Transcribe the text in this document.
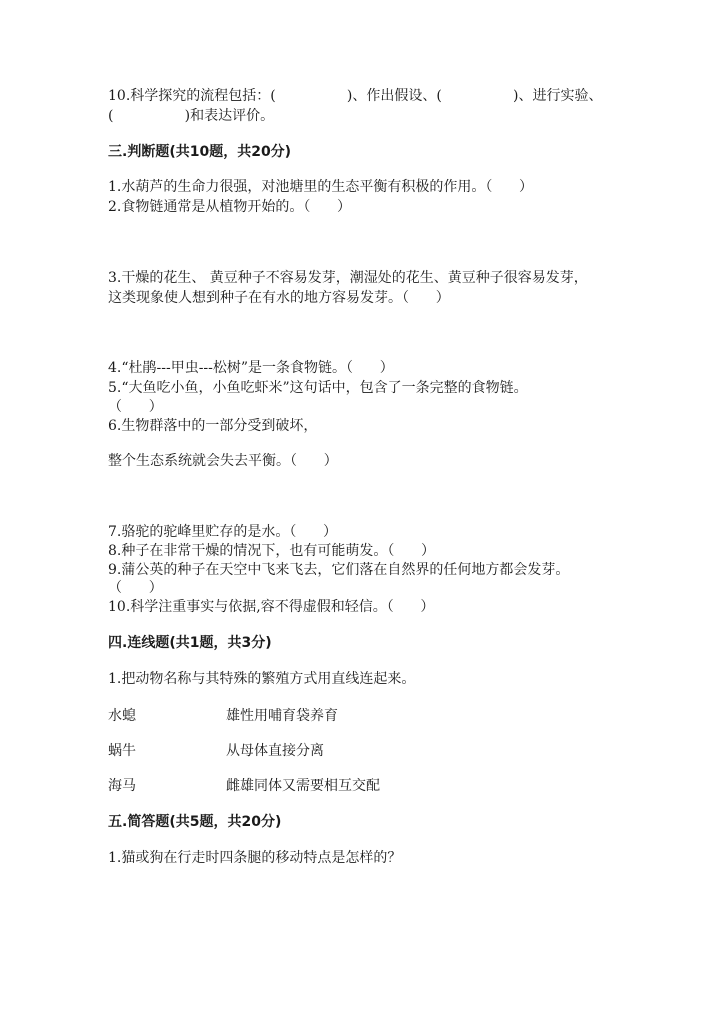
10.科学探究的流程包括：(                )、作出假设、(                )、进行实验、
(                )和表达评价。
三.判断题(共10题，共20分)
1.水葫芦的生命力很强，对池塘里的生态平衡有积极的作用。（      ）
2.食物链通常是从植物开始的。（      ）
3.干燥的花生、 黄豆种子不容易发芽，潮湿处的花生、黄豆种子很容易发芽，
这类现象使人想到种子在有水的地方容易发芽。（      ）
4.“杜鹃---甲虫---松树”是一条食物链。（      ）
5.“大鱼吃小鱼，小鱼吃虾米”这句话中，包含了一条完整的食物链。
（      ）
6.生物群落中的一部分受到破坏，
整个生态系统就会失去平衡。（      ）
7.骆驼的驼峰里贮存的是水。（      ）
8.种子在非常干燥的情况下，也有可能萌发。（      ）
9.蒲公英的种子在天空中飞来飞去，它们落在自然界的任何地方都会发芽。
（      ）
10.科学注重事实与依据,容不得虚假和轻信。（      ）
四.连线题(共1题，共3分)
1.把动物名称与其特殊的繁殖方式用直线连起来。
水螅	雄性用哺育袋养育
蜗牛	从母体直接分离
海马	雌雄同体又需要相互交配
五.简答题(共5题，共20分)
1.猫或狗在行走时四条腿的移动特点是怎样的？
